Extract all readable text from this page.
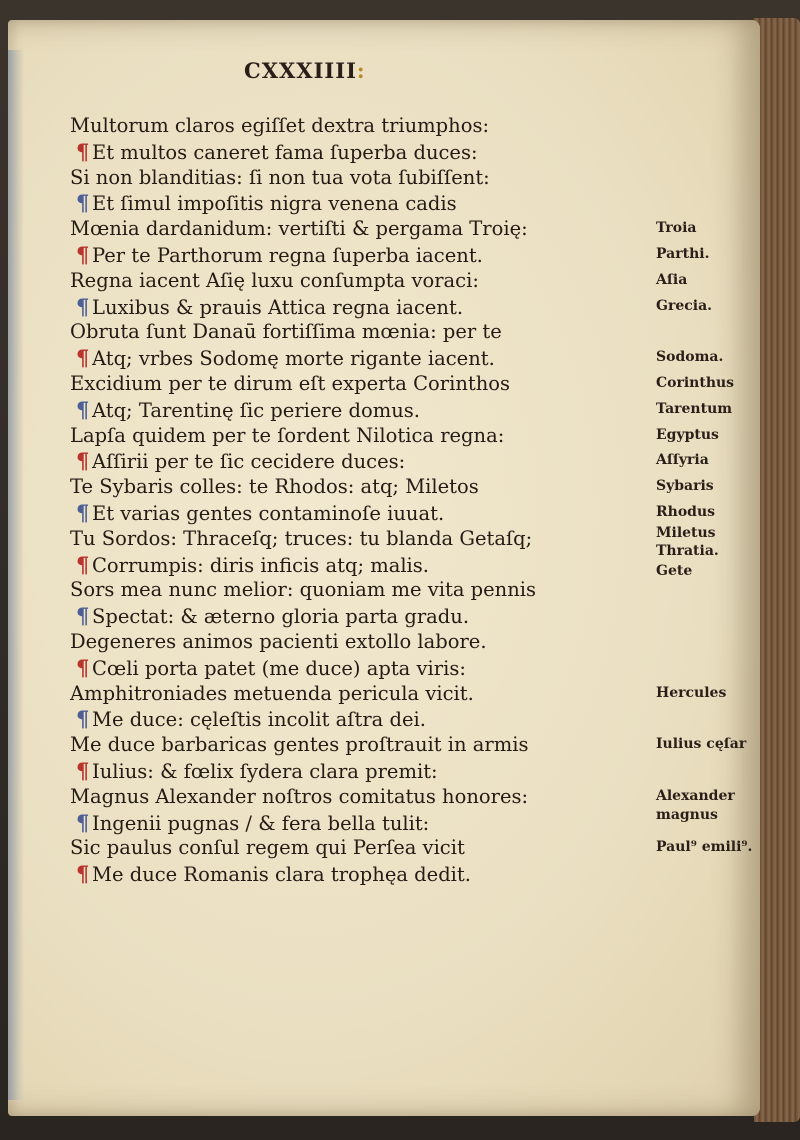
CXXXIIII:
Multorum claros egiſſet dextra triumphos:
¶ Et multos caneret fama ſuperba duces:
Si non blanditias: ſi non tua vota ſubiſſent:
¶ Et ſimul impoſitis nigra venena cadis
Mœnia dardanidum: vertiſti & pergama Troię:
¶ Per te Parthorum regna ſuperba iacent.
Regna iacent Aſię luxu conſumpta voraci:
¶ Luxibus & prauis Attica regna iacent.
Obruta ſunt Danaū fortiſſima mœnia: per te
¶ Atq; vrbes Sodomę morte rigante iacent.
Excidium per te dirum eſt experta Corinthos
¶ Atq; Tarentinę ſic periere domus.
Lapſa quidem per te ſordent Nilotica regna:
¶ Aſſirii per te ſic cecidere duces:
Te Sybaris colles: te Rhodos: atq; Miletos
¶ Et varias gentes contaminoſe iuuat.
Tu Sordos: Thraceſq; truces: tu blanda Getaſq;
¶ Corrumpis: diris inficis atq; malis.
Sors mea nunc melior: quoniam me vita pennis
¶ Spectat: & æterno gloria parta gradu.
Degeneres animos pacienti extollo labore.
¶ Cœli porta patet (me duce) apta viris:
Amphitroniades metuenda pericula vicit.
¶ Me duce: cęleſtis incolit aſtra dei.
Me duce barbaricas gentes proſtrauit in armis
¶ Iulius: & fœlix ſydera clara premit:
Magnus Alexander noſtros comitatus honores:
¶ Ingenii pugnas / & fera bella tulit:
Sic paulus conſul regem qui Perſea vicit
¶ Me duce Romanis clara trophęa dedit.
Troia
Parthi.
Aſia
Grecia.
Sodoma.
Corinthus
Tarentum
Egyptus
Aſſyria
Sybaris
Rhodus
Miletus
Thratia.
Gete
Hercules
Iulius cęſar
Alexander
magnus
Paul⁹ emili⁹.
